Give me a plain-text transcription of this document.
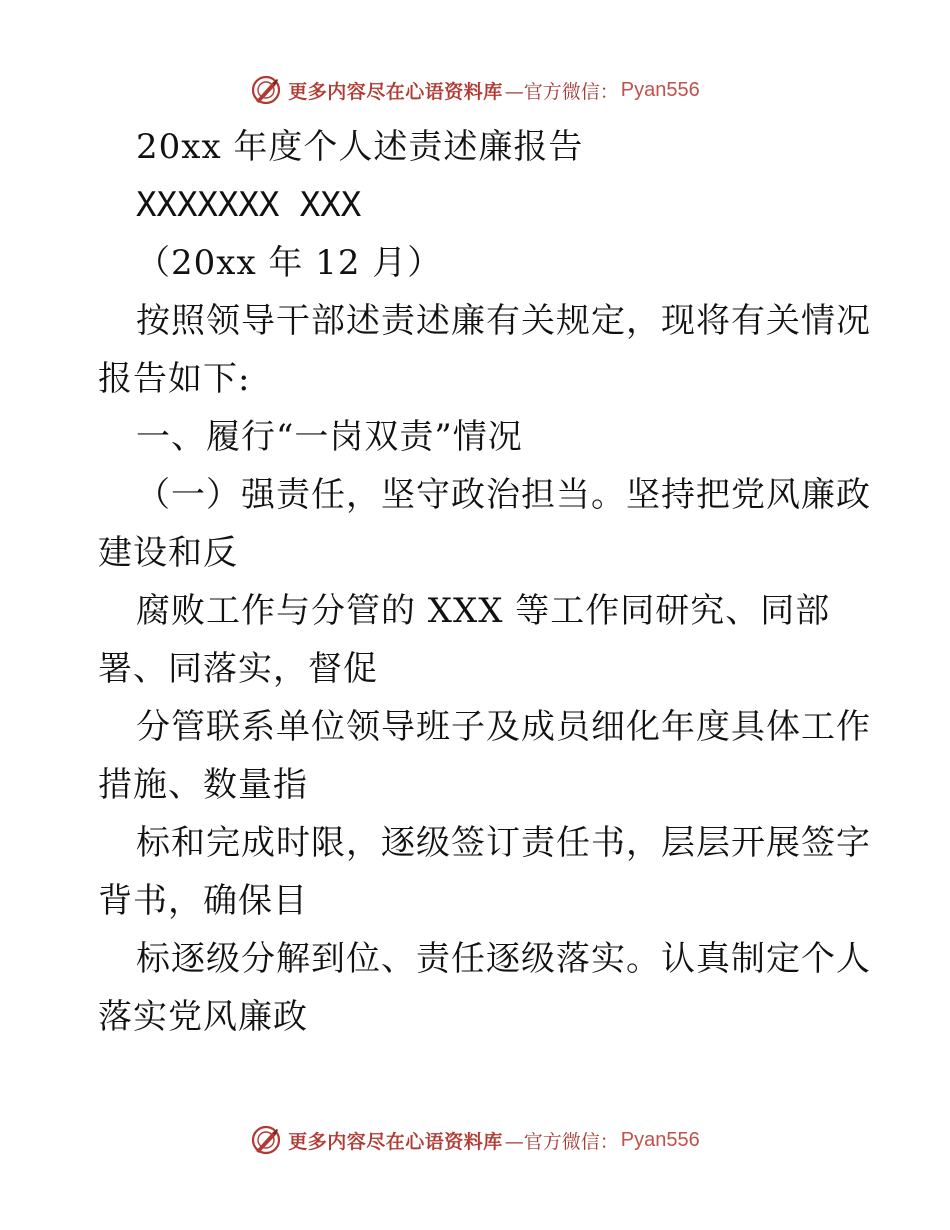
更多内容尽在心语资料库 —官方微信： Pyan556
20xx 年度个人述责述廉报告
XXXXXXX XXX
（20xx 年 12 月）
按照领导干部述责述廉有关规定，现将有关情况
报告如下:
一、履行“一岗双责”情况
（一）强责任，坚守政治担当。坚持把党风廉政
建设和反
腐败工作与分管的 XXX 等工作同研究、同部
署、同落实，督促
分管联系单位领导班子及成员细化年度具体工作
措施、数量指
标和完成时限，逐级签订责任书，层层开展签字
背书，确保目
标逐级分解到位、责任逐级落实。认真制定个人
落实党风廉政
更多内容尽在心语资料库 —官方微信： Pyan556
